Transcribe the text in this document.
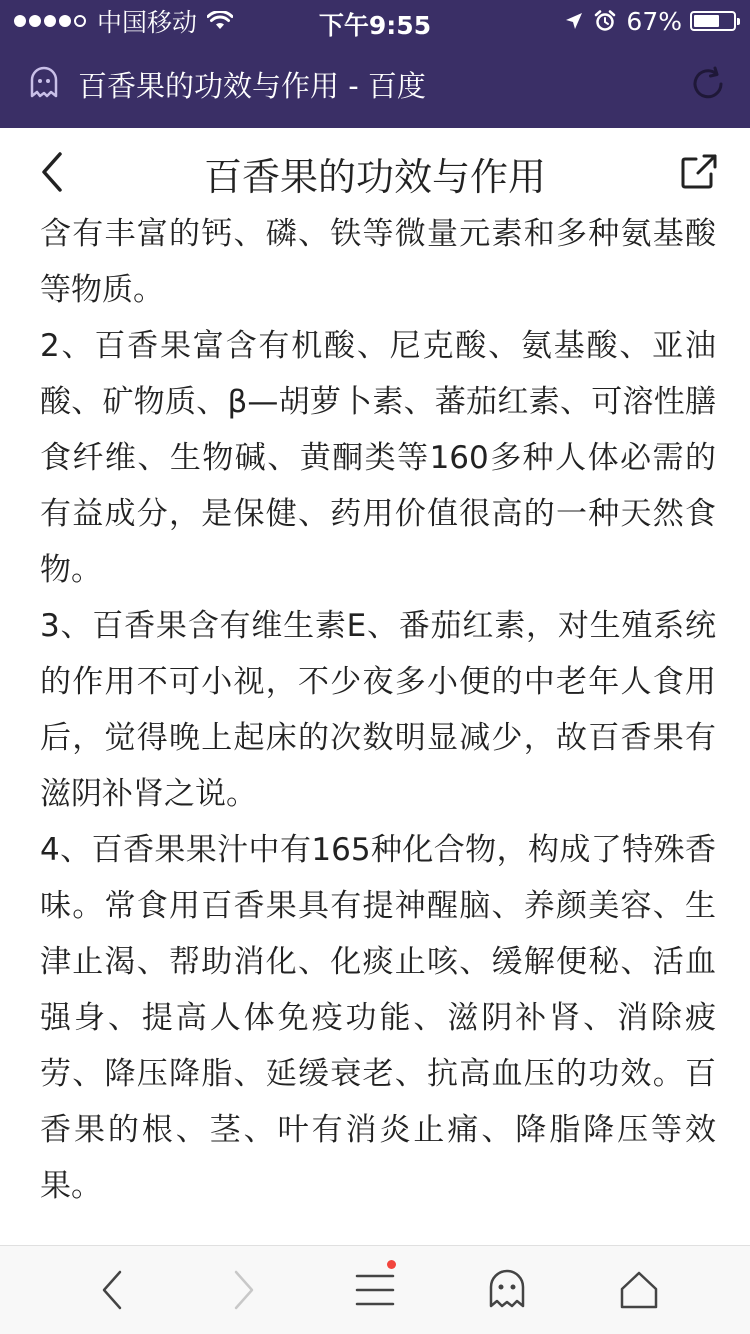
中国移动	下午9:55	67%
百香果的功效与作用 - 百度
百香果的功效与作用

含有丰富的钙、磷、铁等微量元素和多种氨基酸等物质。

2、百香果富含有机酸、尼克酸、氨基酸、亚油酸、矿物质、β—胡萝卜素、蕃茄红素、可溶性膳食纤维、生物碱、黄酮类等160多种人体必需的有益成分，是保健、药用价值很高的一种天然食物。

3、百香果含有维生素E、番茄红素，对生殖系统的作用不可小视，不少夜多小便的中老年人食用后，觉得晚上起床的次数明显减少，故百香果有滋阴补肾之说。

4、百香果果汁中有165种化合物，构成了特殊香味。常食用百香果具有提神醒脑、养颜美容、生津止渴、帮助消化、化痰止咳、缓解便秘、活血强身、提高人体免疫功能、滋阴补肾、消除疲劳、降压降脂、延缓衰老、抗高血压的功效。百香果的根、茎、叶有消炎止痛、降脂降压等效果。
